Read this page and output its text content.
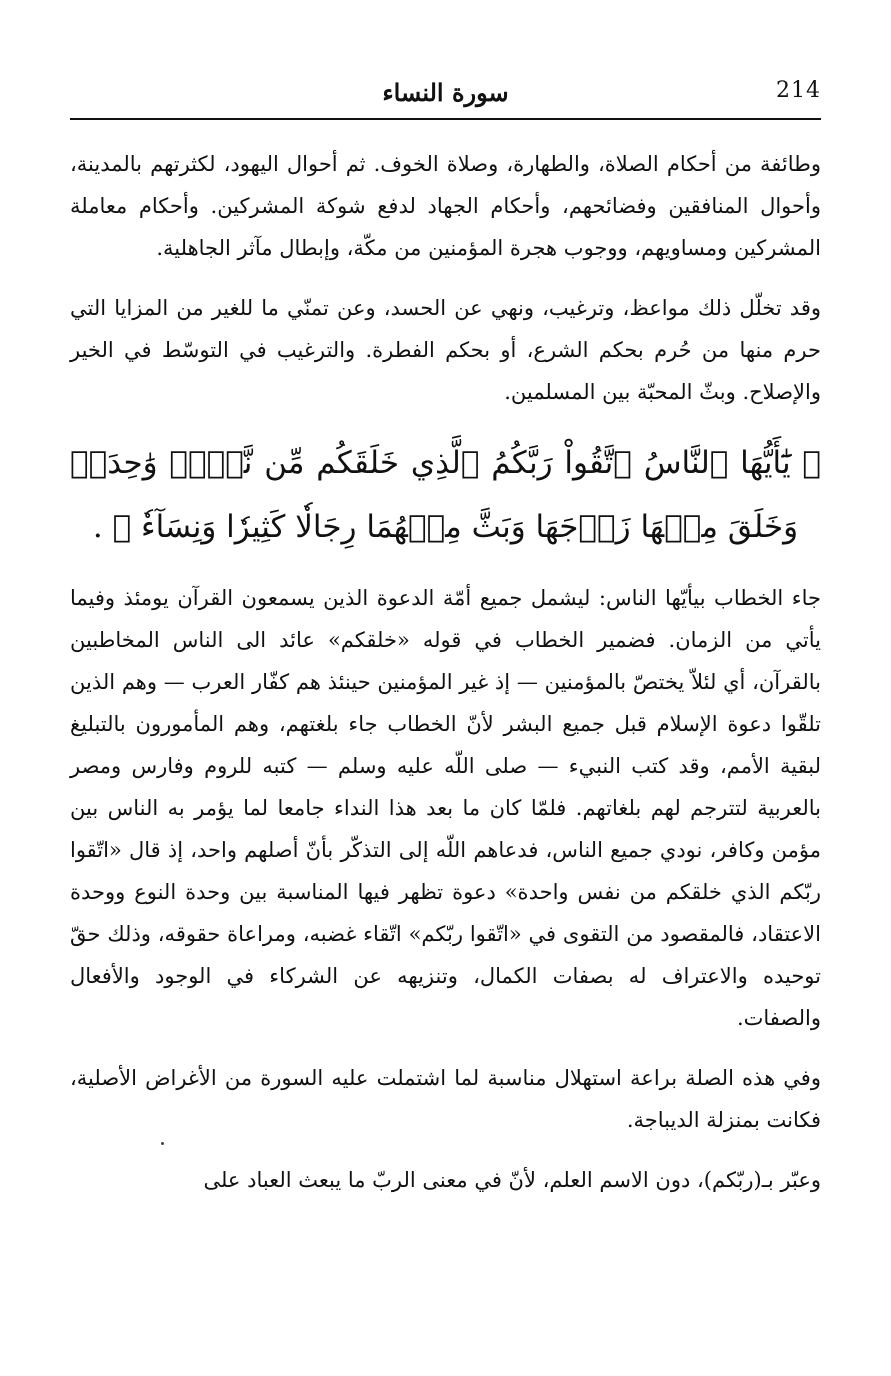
214
سورة النساء

وطائفة من أحكام الصلاة، والطهارة، وصلاة الخوف. ثم أحوال اليهود، لكثرتهم بالمدينة، وأحوال المنافقين وفضائحهم، وأحكام الجهاد لدفع شوكة المشركين. وأحكام معاملة المشركين ومساويهم، ووجوب هجرة المؤمنين من مكّة، وإبطال مآثر الجاهلية.

وقد تخلّل ذلك مواعظ، وترغيب، ونهي عن الحسد، وعن تمنّي ما للغير من المزايا التي حرم منها من حُرم بحكم الشرع، أو بحكم الفطرة. والترغيب في التوسّط في الخير والإصلاح. وبثّ المحبّة بين المسلمين.

﴿ يَٰٓأَيُّهَا ٱلنَّاسُ ٱتَّقُواْ رَبَّكُمُ ٱلَّذِي خَلَقَكُم مِّن نَّفۡسٖ وَٰحِدَةٖ وَخَلَقَ مِنۡهَا زَوۡجَهَا وَبَثَّ مِنۡهُمَا رِجَالٗا كَثِيرٗا وَنِسَآءٗ ﴾ .

جاء الخطاب بيأيّها الناس: ليشمل جميع أمّة الدعوة الذين يسمعون القرآن يومئذ وفيما يأتي من الزمان. فضمير الخطاب في قوله «خلقكم» عائد الى الناس المخاطبين بالقرآن، أي لئلاّ يختصّ بالمؤمنين — إذ غير المؤمنين حينئذ هم كفّار العرب — وهم الذين تلقّوا دعوة الإسلام قبل جميع البشر لأنّ الخطاب جاء بلغتهم، وهم المأمورون بالتبليغ لبقية الأمم، وقد كتب النبيء — صلى اللّه عليه وسلم — كتبه للروم وفارس ومصر بالعربية لتترجم لهم بلغاتهم. فلمّا كان ما بعد هذا النداء جامعا لما يؤمر به الناس بين مؤمن وكافر، نودي جميع الناس، فدعاهم اللّه إلى التذكّر بأنّ أصلهم واحد، إذ قال «اتّقوا ربّكم الذي خلقكم من نفس واحدة» دعوة تظهر فيها المناسبة بين وحدة النوع ووحدة الاعتقاد، فالمقصود من التقوى في «اتّقوا ربّكم» اتّقاء غضبه، ومراعاة حقوقه، وذلك حقّ توحيده والاعتراف له بصفات الكمال، وتنزيهه عن الشركاء في الوجود والأفعال والصفات.

وفي هذه الصلة براعة استهلال مناسبة لما اشتملت عليه السورة من الأغراض الأصلية، فكانت بمنزلة الديباجة.

وعبّر بـ(ربّكم)، دون الاسم العلم، لأنّ في معنى الربّ ما يبعث العباد على
